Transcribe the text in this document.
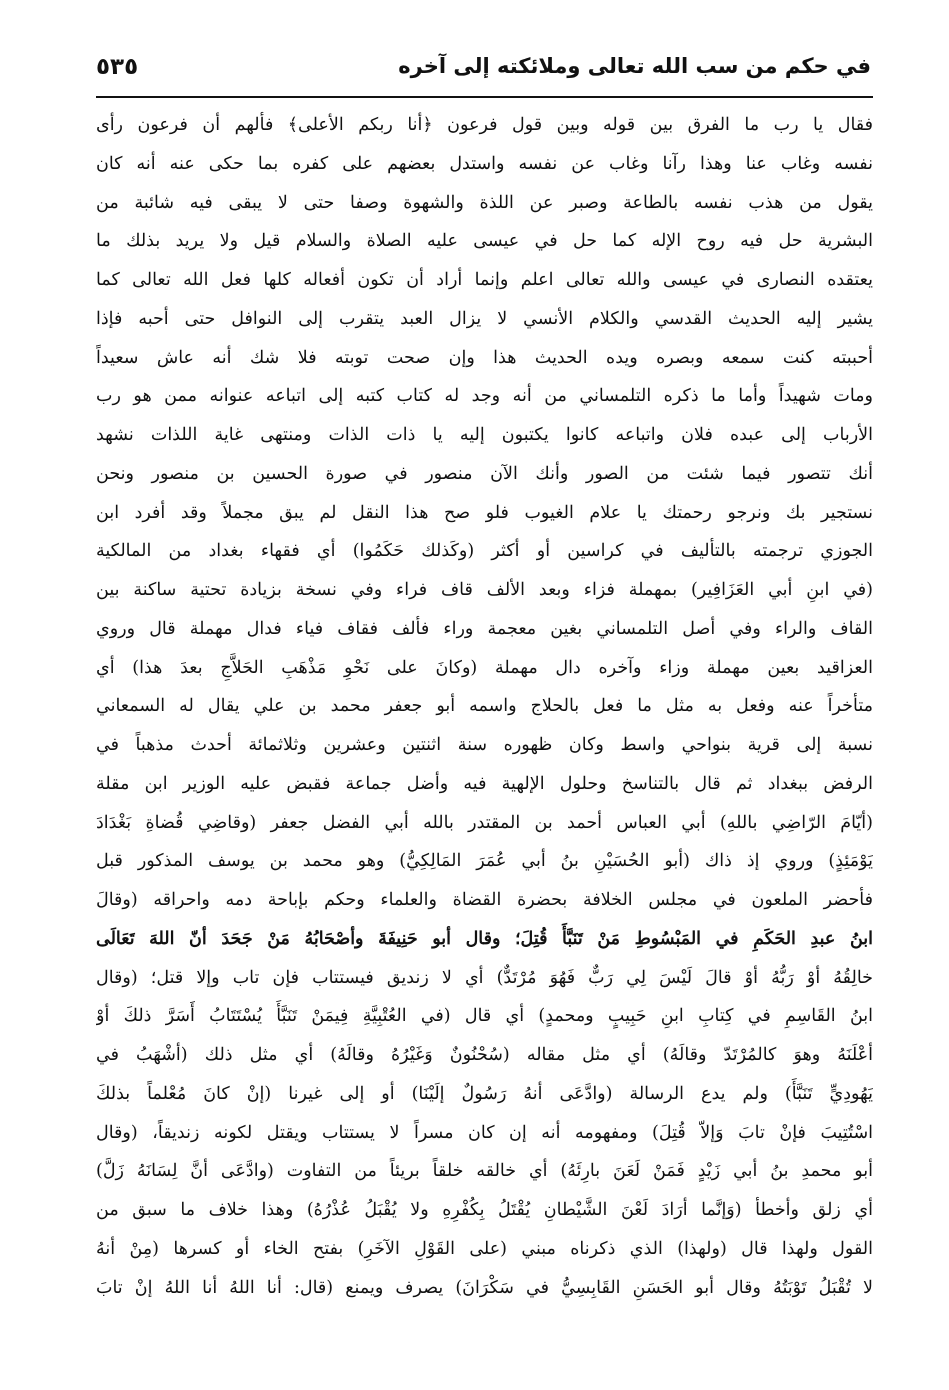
في حكم من سب الله تعالى وملائكته إلى آخره
٥٣٥
فقال يا رب ما الفرق بين قوله وبين قول فرعون ﴿أنا ربكم الأعلى﴾ فألهم أن فرعون رأى
نفسه وغاب عنا وهذا رآنا وغاب عن نفسه واستدل بعضهم على كفره بما حكى عنه أنه كان
يقول من هذب نفسه بالطاعة وصبر عن اللذة والشهوة وصفا حتى لا يبقى فيه شائبة من
البشرية حل فيه روح الإله كما حل في عيسى عليه الصلاة والسلام قيل ولا يريد بذلك ما
يعتقده النصارى في عيسى والله تعالى اعلم وإنما أراد أن تكون أفعاله كلها فعل الله تعالى كما
يشير إليه الحديث القدسي والكلام الأنسي لا يزال العبد يتقرب إلى النوافل حتى أحبه فإذا
أحببته كنت سمعه وبصره ويده الحديث هذا وإن صحت توبته فلا شك أنه عاش سعيداً
ومات شهيداً وأما ما ذكره التلمساني من أنه وجد له كتاب كتبه إلى اتباعه عنوانه ممن هو رب
الأرباب إلى عبده فلان واتباعه كانوا يكتبون إليه يا ذات الذات ومنتهى غاية اللذات نشهد
أنك تتصور فيما شئت من الصور وأنك الآن منصور في صورة الحسين بن منصور ونحن
نستجير بك ونرجو رحمتك يا علام الغيوب فلو صح هذا النقل لم يبق مجملاً وقد أفرد ابن
الجوزي ترجمته بالتأليف في كراسين أو أكثر (وكَذلك حَكَمُوا) أي فقهاء بغداد من المالكية
(في ابنِ أبي العَزَافِير) بمهملة فزاء وبعد الألف قاف فراء وفي نسخة بزيادة تحتية ساكنة بين
القاف والراء وفي أصل التلمساني بغين معجمة وراء فألف فقاف فياء فدال مهملة قال وروي
العزاقيد بعين مهملة وزاء وآخره دال مهملة (وكانَ على نَحْوِ مَذْهَبِ الحَلاَّجِ بعدَ هذا) أي
متأخراً عنه وفعل به مثل ما فعل بالحلاج واسمه أبو جعفر محمد بن علي يقال له السمعاني
نسبة إلى قرية بنواحي واسط وكان ظهوره سنة اثنتين وعشرين وثلاثمائة أحدث مذهباً في
الرفض ببغداد ثم قال بالتناسخ وحلول الإلهية فيه وأضل جماعة فقبض عليه الوزير ابن مقلة
(أيّامَ الرّاضِي باللهِ) أبي العباس أحمد بن المقتدر بالله أبي الفضل جعفر (وقاضِي قُضاةِ بَغْدَادَ
يَوْمَئِذٍ) وروي إذ ذاك (أبو الحُسَيْنِ بنُ أبي عُمَرَ المَالِكِيُّ) وهو محمد بن يوسف المذكور قبل
فأحضر الملعون في مجلس الخلافة بحضرة القضاة والعلماء وحكم بإباحة دمه واحراقه (وقالَ
ابنُ عبدِ الحَكَمِ في المَبْسُوطِ مَنْ تَنَبَّأَ قُتِلَ؛ وقال أبو حَنِيفَةَ وأصْحَابُهُ مَنْ جَحَدَ أنّ اللهَ تَعَالَى
خالِقُهُ أوْ رَبُّهُ أوْ قالَ لَيْسَ لِي رَبٌّ فَهُوَ مُرْتَدٌّ) أي لا زنديق فيستتاب فإن تاب وإلا قتل؛ (وقال
ابنُ القَاسِمِ في كِتابِ ابنِ حَبِيبٍ ومحمدٍ) أي قال (في العُتْبِيَّةِ فِيمَنْ تَنَبَّأَ يُسْتَتَابُ أَسَرَّ ذلكَ أوْ
أعْلَنَهُ وهوَ كالمُرْتَدّ وقالَهُ) أي مثل مقاله (سُحْنُونٌ وَغَيْرُهُ وقالَهُ) أي مثل ذلك (أشْهَبُ في
يَهُودِيٍّ تَنَبَّأَ) ولم يدع الرسالة (وادَّعَى أنهُ رَسُولٌ إلَيْنَا) أو إلى غيرنا (إنْ كانَ مُعْلماً بذلكَ
اسْتُتِيبَ فإنْ تابَ وَإلاّ قُتِلَ) ومفهومه أنه إن كان مسراً لا يستتاب ويقتل لكونه زنديقاً، (وقال
أبو محمدِ بنُ أبي زَيْدٍ فَمَنْ لَعَنَ بارِئَهُ) أي خالقه خلقاً بريئاً من التفاوت (وادَّعَى أنَّ لِسَانَهُ زَلَّ)
أي زلق وأخطأ (وَإنَّما أرَادَ لَعْنَ الشَّيْطانِ يُقْتَلُ بِكُفْرِهِ ولا يُقْبَلُ عُذْرُهُ) وهذا خلاف ما سبق من
القول ولهذا قال (ولهذا) الذي ذكرناه مبني (على القَوْلِ الآخَرِ) بفتح الخاء أو كسرها (مِنْ أنهُ
لا تُقْبَلُ تَوْبَتُهُ وقال أبو الحَسَنِ القَابِسِيُّ في سَكْرَانَ) يصرف ويمنع (قال: أنا اللهُ أنا اللهُ إنْ تابَ
